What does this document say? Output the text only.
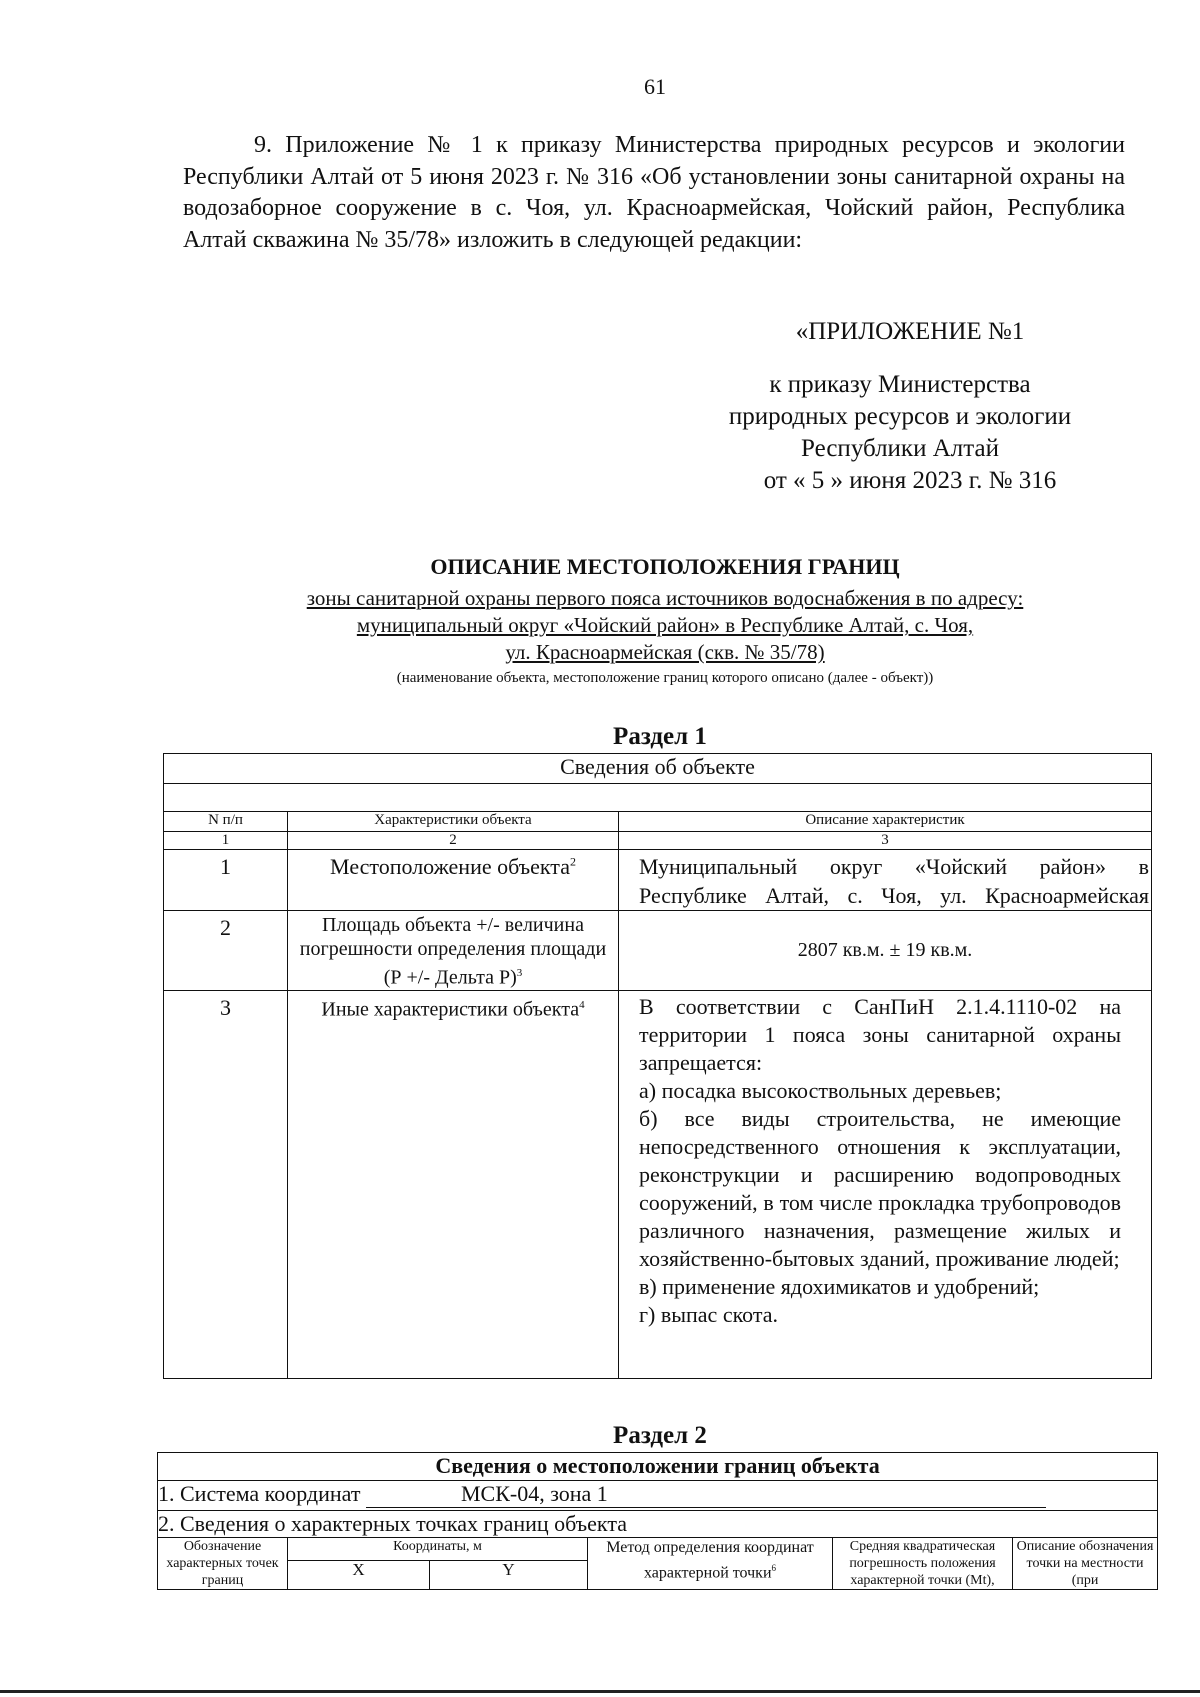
61

9. Приложение № 1 к приказу Министерства природных ресурсов и экологии Республики Алтай от 5 июня 2023 г. № 316 «Об установлении зоны санитарной охраны на водозаборное сооружение в с. Чоя, ул. Красноармейская, Чойский район, Республика Алтай скважина № 35/78» изложить в следующей редакции:

«ПРИЛОЖЕНИЕ №1
к приказу Министерства
природных ресурсов и экологии
Республики Алтай
от « 5 » июня 2023 г. № 316
ОПИСАНИЕ МЕСТОПОЛОЖЕНИЯ ГРАНИЦ
зоны санитарной охраны первого пояса источников водоснабжения в по адресу:
муниципальный округ «Чойский район» в Республике Алтай, с. Чоя,
ул. Красноармейская (скв. № 35/78)
(наименование объекта, местоположение границ которого описано (далее - объект))
Раздел 1
Сведения об объекте		

N п/п	Характеристики объекта	Описание характеристик
1	2	3
1	Местоположение объекта$^2$	Муниципальный округ «Чойский район» в Республике Алтай, с. Чоя, ул. Красноармейская

2	Площадь объекта +/- величина погрешности определения площади (Р +/- Дельта Р)$^3$	2807 кв.м. ± 19 кв.м.
3	Иные характеристики объекта$^4$	В соответствии с СанПиН 2.1.4.1110-02 на территории 1 пояса зоны санитарной охраны запрещается:
а) посадка высокоствольных деревьев;
б) все виды строительства, не имеющие непосредственного отношения к эксплуатации, реконструкции и расширению водопроводных сооружений, в том числе прокладка трубопроводов различного назначения, размещение жилых и хозяйственно-бытовых зданий, проживание людей;
в) применение ядохимикатов и удобрений;
г) выпас скота.
Раздел 2
Сведения о местоположении границ объекта					
1. Система координат МСК-04, зона 1					
2. Сведения о характерных точках границ объекта					
Обозначение характерных точек границ	Координаты, м		Метод определения координат характерной точки$^6$	Средняя квадратическая погрешность положения характерной точки (Mt),	Описание обозначения точки на местности (при
	X	Y			
